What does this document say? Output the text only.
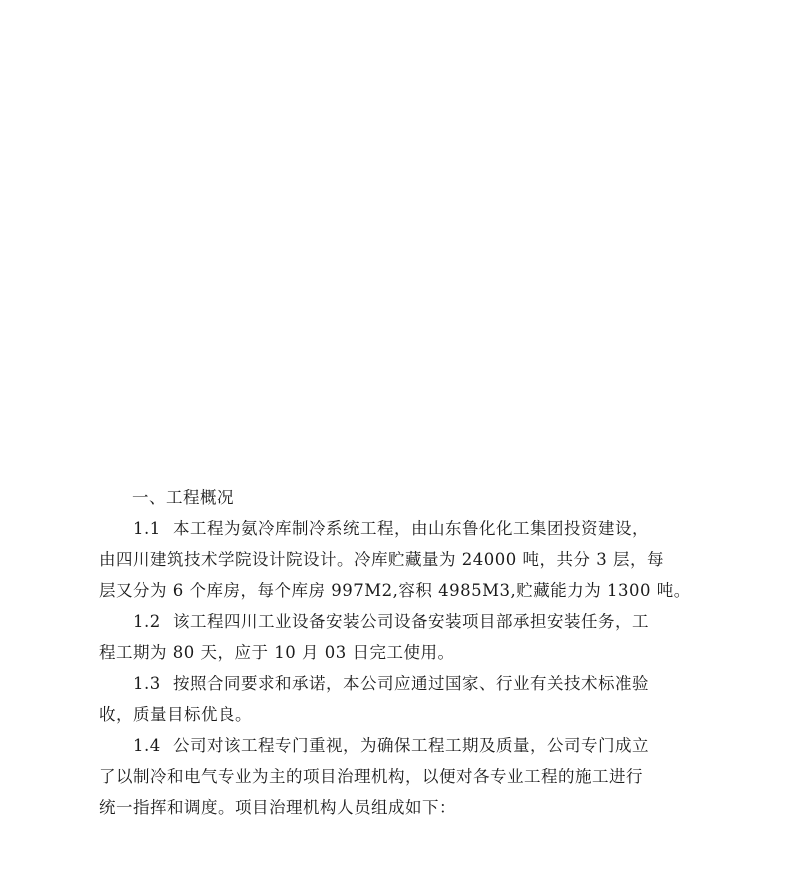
一、工程概况

1.1 本工程为氨冷库制冷系统工程，由山东鲁化化工集团投资建设，
由四川建筑技术学院设计院设计。冷库贮藏量为 24000 吨，共分 3 层，每
层又分为 6 个库房，每个库房 997M2,容积 4985M3,贮藏能力为 1300 吨。
1.2 该工程四川工业设备安装公司设备安装项目部承担安装任务，工
程工期为 80 天，应于 10 月 03 日完工使用。
1.3 按照合同要求和承诺，本公司应通过国家、行业有关技术标准验
收，质量目标优良。
1.4 公司对该工程专门重视，为确保工程工期及质量，公司专门成立
了以制冷和电气专业为主的项目治理机构，以便对各专业工程的施工进行
统一指挥和调度。项目治理机构人员组成如下：
